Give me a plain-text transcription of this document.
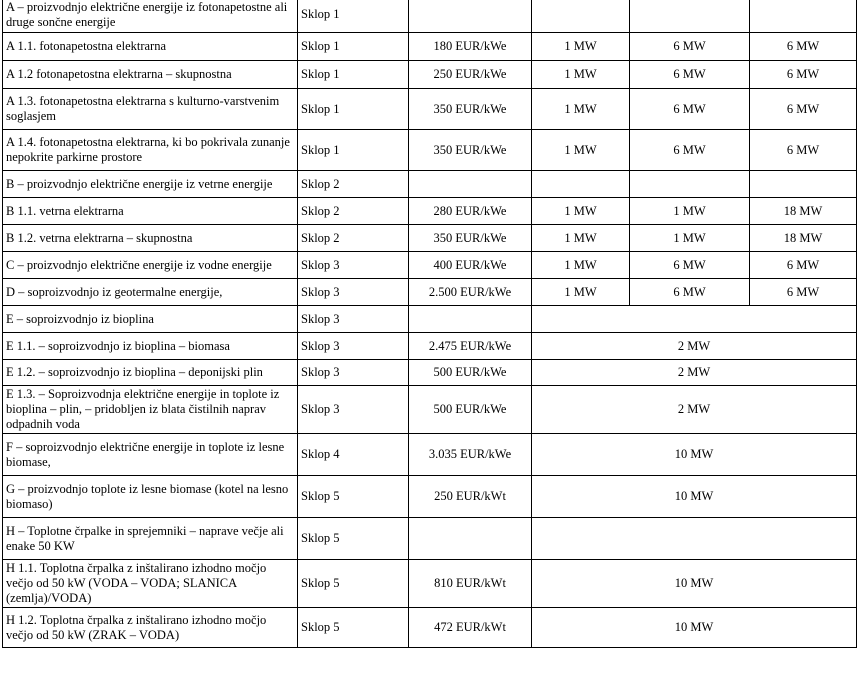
A – proizvodnjo električne energije iz fotonapetostne ali druge sončne energije	Sklop 1				
A 1.1. fotonapetostna elektrarna	Sklop 1	180 EUR/kWe	1 MW	6 MW	6 MW
A 1.2 fotonapetostna elektrarna – skupnostna	Sklop 1	250 EUR/kWe	1 MW	6 MW	6 MW
A 1.3. fotonapetostna elektrarna s kulturno-varstvenim soglasjem	Sklop 1	350 EUR/kWe	1 MW	6 MW	6 MW
A 1.4. fotonapetostna elektrarna, ki bo pokrivala zunanje nepokrite parkirne prostore	Sklop 1	350 EUR/kWe	1 MW	6 MW	6 MW
B – proizvodnjo električne energije iz vetrne energije	Sklop 2				
B 1.1. vetrna elektrarna	Sklop 2	280 EUR/kWe	1 MW	1 MW	18 MW
B 1.2. vetrna elektrarna – skupnostna	Sklop 2	350 EUR/kWe	1 MW	1 MW	18 MW
C – proizvodnjo električne energije iz vodne energije	Sklop 3	400 EUR/kWe	1 MW	6 MW	6 MW
D – soproizvodnjo iz geotermalne energije,	Sklop 3	2.500 EUR/kWe	1 MW	6 MW	6 MW
E – soproizvodnjo iz bioplina	Sklop 3				
E 1.1. – soproizvodnjo iz bioplina – biomasa	Sklop 3	2.475 EUR/kWe	2 MW		
E 1.2. – soproizvodnjo iz bioplina – deponijski plin	Sklop 3	500 EUR/kWe	2 MW		
E 1.3. – Soproizvodnja električne energije in toplote iz bioplina – plin, – pridobljen iz blata čistilnih naprav odpadnih voda	Sklop 3	500 EUR/kWe	2 MW		
F – soproizvodnjo električne energije in toplote iz lesne biomase,	Sklop 4	3.035 EUR/kWe	10 MW		
G – proizvodnjo toplote iz lesne biomase (kotel na lesno biomaso)	Sklop 5	250 EUR/kWt	10 MW		
H – Toplotne črpalke in sprejemniki – naprave večje ali enake 50 KW	Sklop 5				
H 1.1. Toplotna črpalka z inštalirano izhodno močjo večjo od 50 kW (VODA – VODA; SLANICA (zemlja)/VODA)	Sklop 5	810 EUR/kWt	10 MW		
H 1.2. Toplotna črpalka z inštalirano izhodno močjo večjo od 50 kW (ZRAK – VODA)	Sklop 5	472 EUR/kWt	10 MW		
